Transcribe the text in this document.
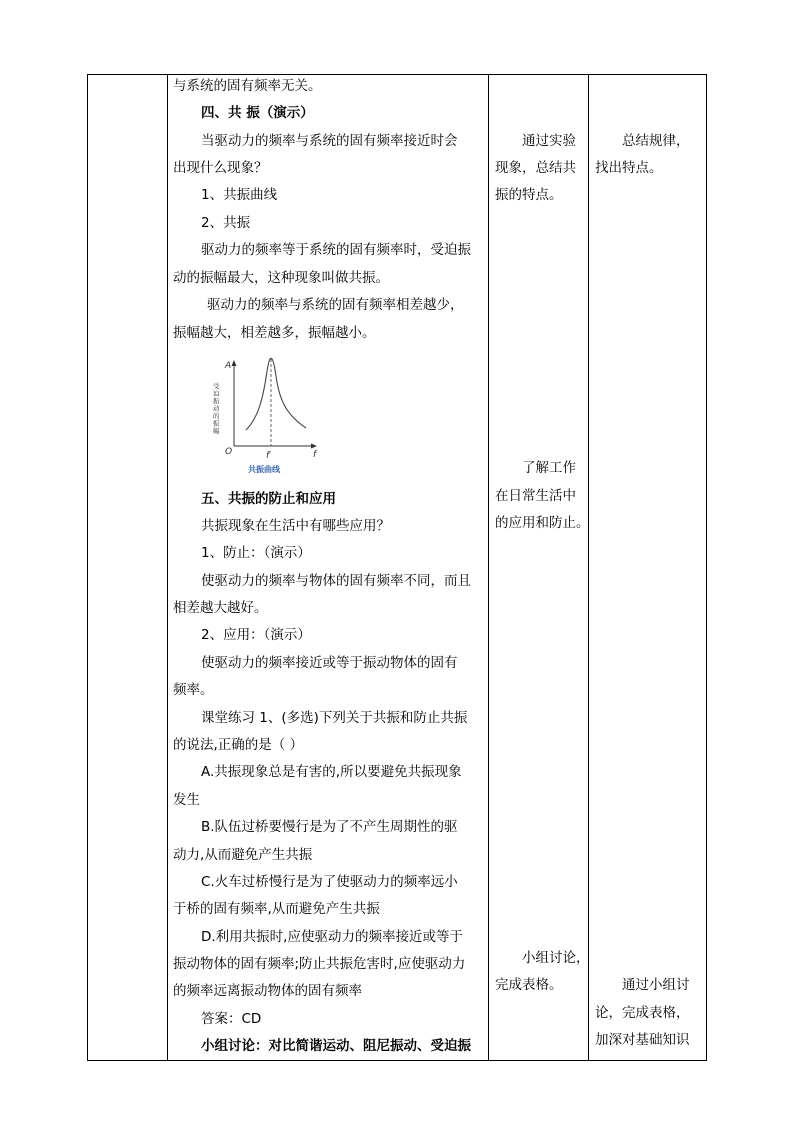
与系统的固有频率无关。
四、共 振（演示）
当驱动力的频率与系统的固有频率接近时会
出现什么现象？
1、共振曲线
2、共振
驱动力的频率等于系统的固有频率时，受迫振
动的振幅最大，这种现象叫做共振。
驱动力的频率与系统的固有频率相差越少，
振幅越大，相差越多，振幅越小。
A
O	f
f′
受
迫
振
动
的
振
幅
共振曲线
五、共振的防止和应用
共振现象在生活中有哪些应用？
1、防止：（演示）
使驱动力的频率与物体的固有频率不同，而且
相差越大越好。
2、应用：（演示）
使驱动力的频率接近或等于振动物体的固有
频率。
课堂练习 1、(多选)下列关于共振和防止共振
的说法,正确的是（ ）
A.共振现象总是有害的,所以要避免共振现象
发生
B.队伍过桥要慢行是为了不产生周期性的驱
动力,从而避免产生共振
C.火车过桥慢行是为了使驱动力的频率远小
于桥的固有频率,从而避免产生共振
D.利用共振时,应使驱动力的频率接近或等于
振动物体的固有频率;防止共振危害时,应使驱动力
的频率远离振动物体的固有频率
答案：CD
小组讨论：对比简谐运动、阻尼振动、受迫振
通过实验
现象，总结共
振的特点。
了解工作
在日常生活中
的应用和防止。
小组讨论，
完成表格。
总结规律，
找出特点。
通过小组讨
论，完成表格，
加深对基础知识
